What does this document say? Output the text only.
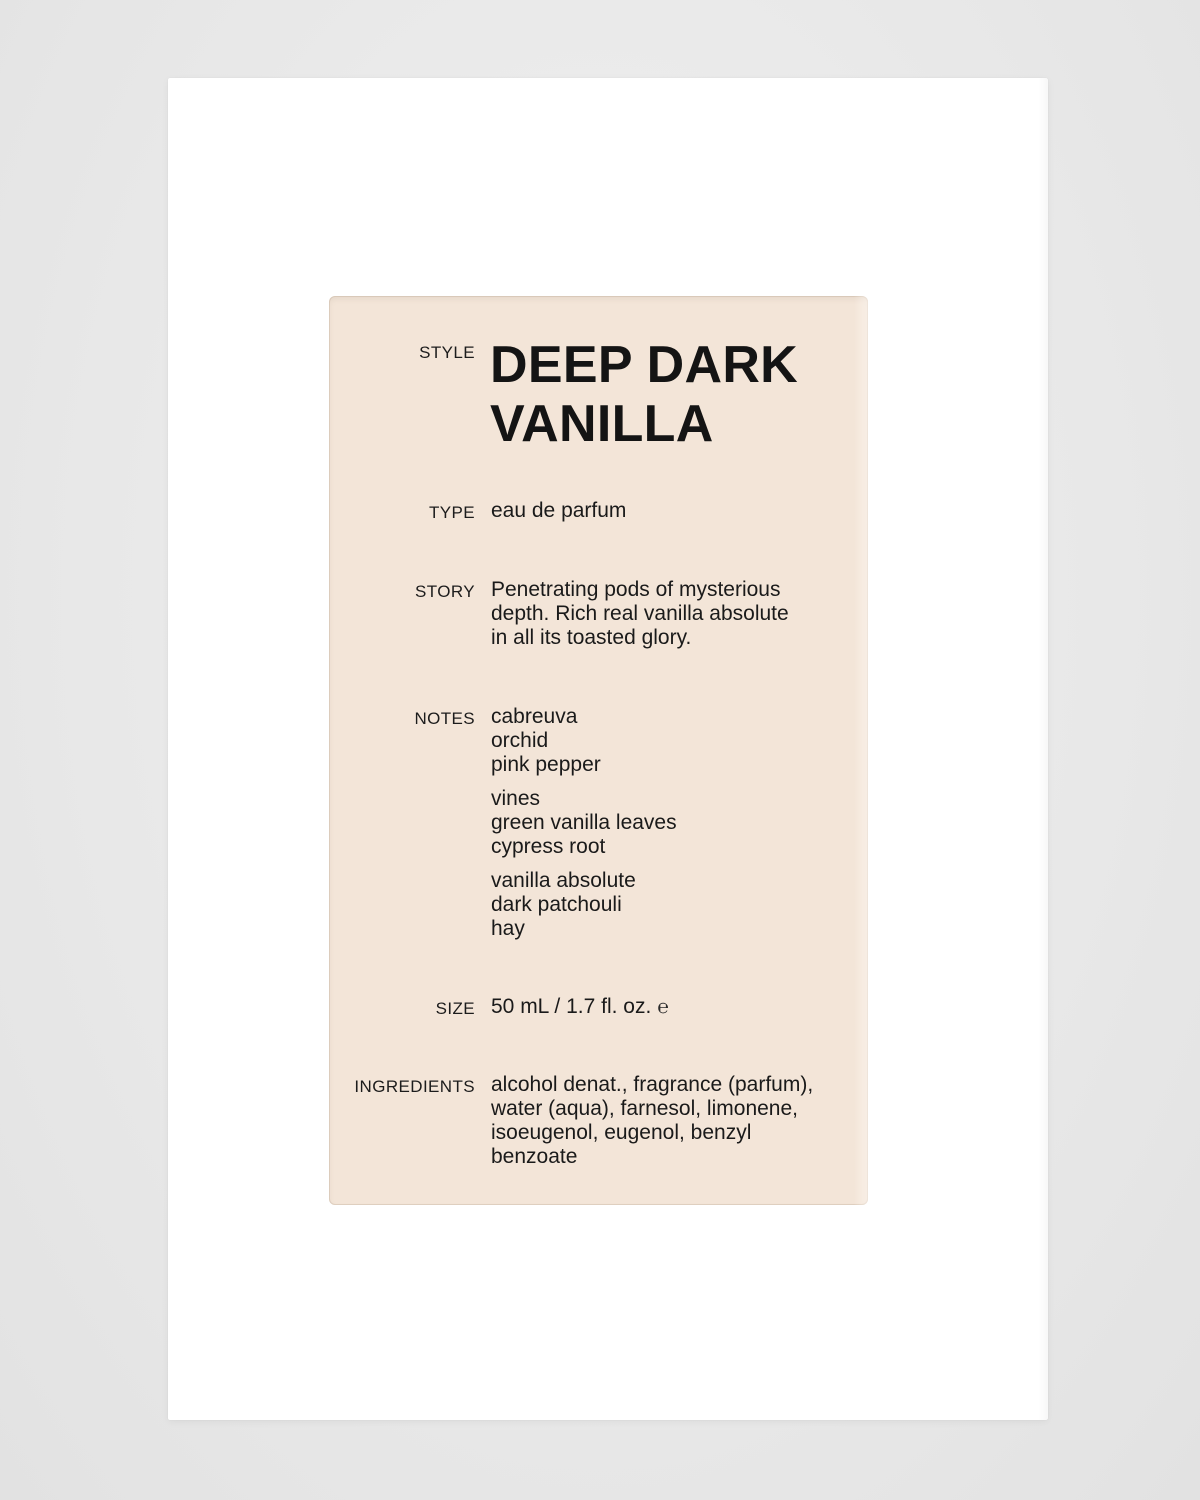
STYLE DEEP DARK
VANILLA
TYPE eau de parfum
STORY Penetrating pods of mysterious
depth. Rich real vanilla absolute
in all its toasted glory.
NOTES cabreuva
orchid
pink pepper
vines
green vanilla leaves
cypress root
vanilla absolute
dark patchouli
hay
SIZE 50 mL / 1.7 fl. oz. ℮
INGREDIENTS alcohol denat., fragrance (parfum),
water (aqua), farnesol, limonene,
isoeugenol, eugenol, benzyl
benzoate
